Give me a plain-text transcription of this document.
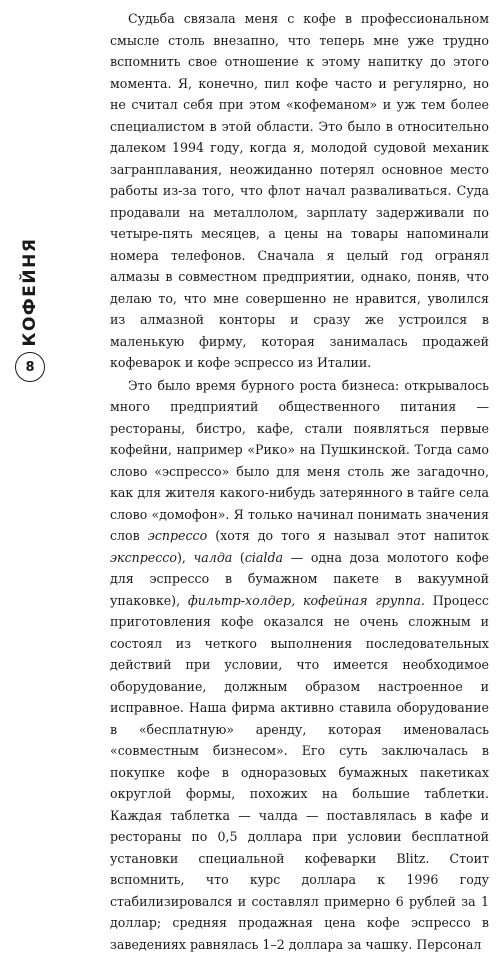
КОФЕЙНЯ
8

Судьба связала меня с кофе в профессиональном смысле столь внезапно, что теперь мне уже трудно вспомнить свое отношение к этому напитку до этого момента. Я, конечно, пил кофе часто и регулярно, но не считал себя при этом «кофеманом» и уж тем более специалистом в этой области. Это было в относительно далеком 1994 году, когда я, молодой судовой механик загранплавания, неожиданно потерял основное место работы из-за того, что флот начал разваливаться. Суда продавали на металлолом, зарплату задерживали по четыре-пять месяцев, а цены на товары напоминали номера телефонов. Сначала я целый год огранял алмазы в совместном предприятии, однако, поняв, что делаю то, что мне совершенно не нравится, уволился из алмазной конторы и сразу же устроился в маленькую фирму, которая занималась продажей кофеварок и кофе эспрессо из Италии.

Это было время бурного роста бизнеса: открывалось много предприятий общественного питания — рестораны, бистро, кафе, стали появляться первые кофейни, например «Рико» на Пушкинской. Тогда само слово «эспрессо» было для меня столь же загадочно, как для жителя какого-нибудь затерянного в тайге села слово «домофон». Я только начинал понимать значения слов эспрессо (хотя до того я называл этот напиток экспрессо), чалда (cialda — одна доза молотого кофе для эспрессо в бумажном пакете в вакуумной упаковке), фильтр-холдер, кофейная группа. Процесс приготовления кофе оказался не очень сложным и состоял из четкого выполнения последовательных действий при условии, что имеется необходимое оборудование, должным образом настроенное и исправное. Наша фирма активно ставила оборудование в «бесплатную» аренду, которая именовалась «совместным бизнесом». Его суть заключалась в покупке кофе в одноразовых бумажных пакетиках округлой формы, похожих на большие таблетки. Каждая таблетка — чалда — поставлялась в кафе и рестораны по 0,5 доллара при условии бесплатной установки специальной кофеварки Blitz. Стоит вспомнить, что курс доллара к 1996 году стабилизировался и составлял примерно 6 рублей за 1 доллар; средняя продажная цена кофе эспрессо в заведениях равнялась 1–2 доллара за чашку. Персонал
